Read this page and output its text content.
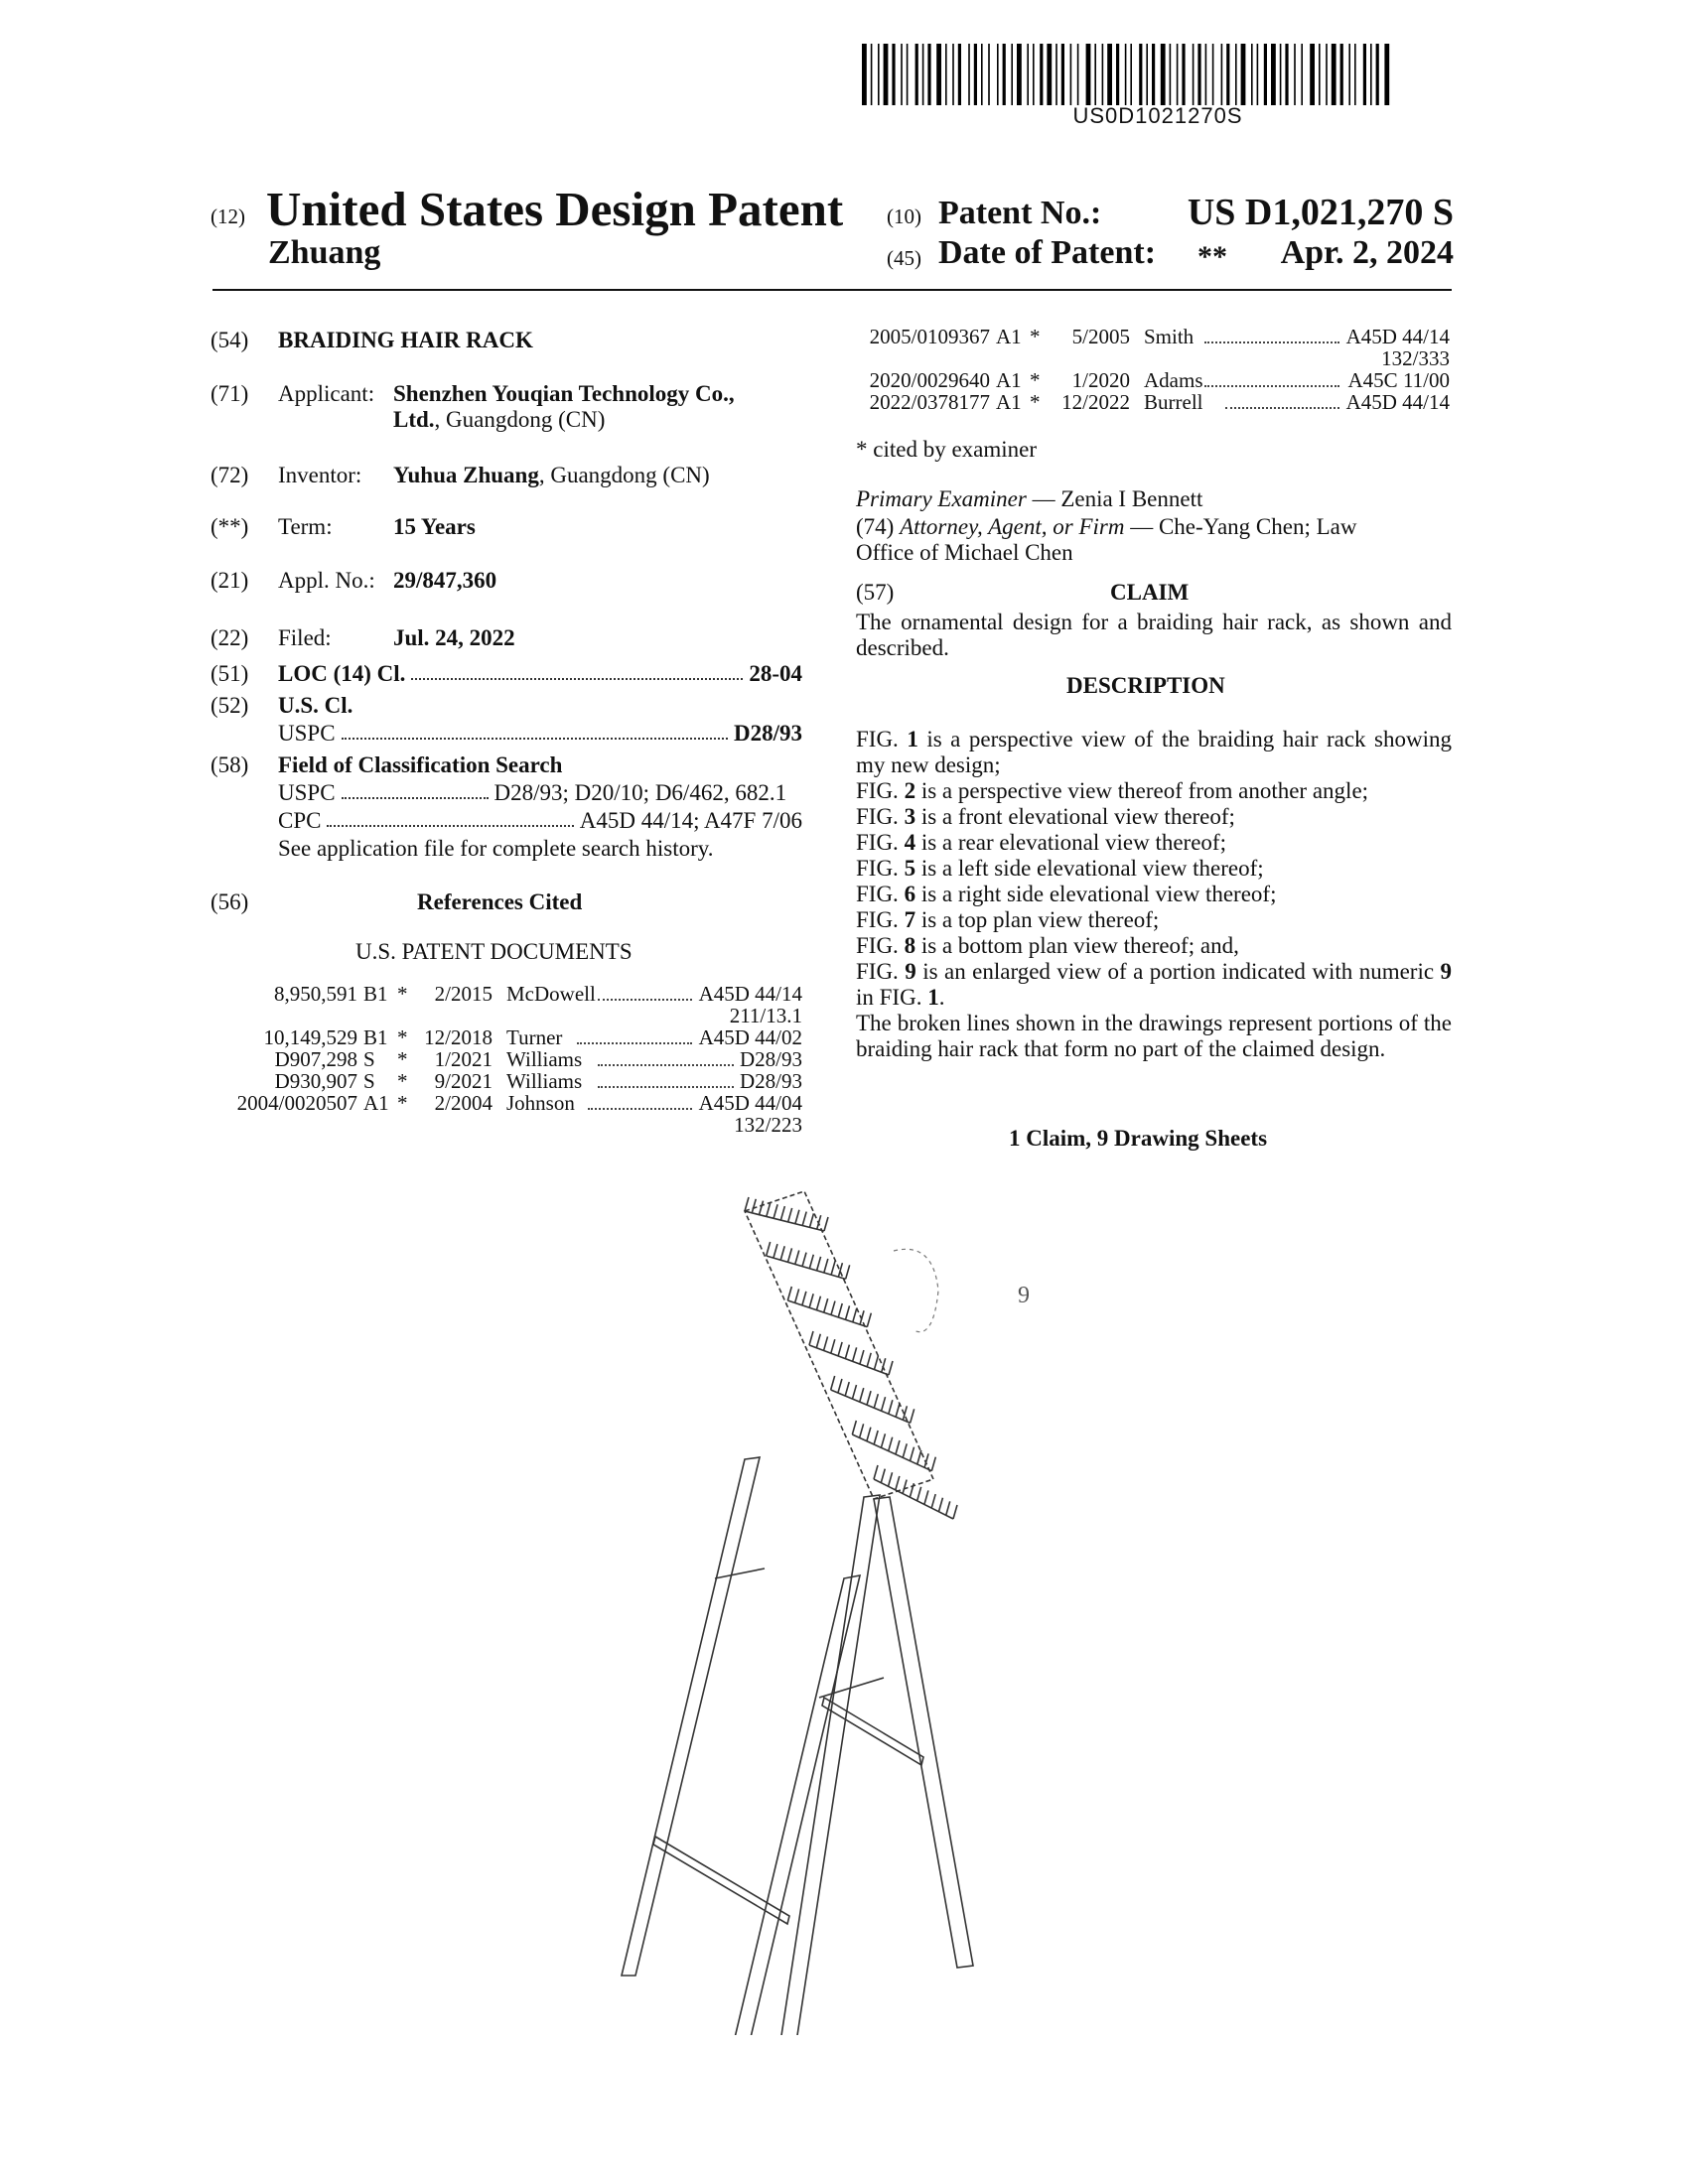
US0D1021270S
(12) United States Design Patent
Zhuang
(10) Patent No.: US D1,021,270 S
(45) Date of Patent: ** Apr. 2, 2024
(54) BRAIDING HAIR RACK
(71) Applicant: Shenzhen Youqian Technology Co.,
Ltd., Guangdong (CN)
(72) Inventor: Yuhua Zhuang, Guangdong (CN)
(**) Term:	15 Years
(21) Appl. No.: 29/847,360
(22) Filed:	Jul. 24, 2022
(51) LOC (14) Cl.	28-04
(52) U.S. Cl.
USPC	D28/93
(58) Field of Classification Search
USPC	D28/93; D20/10; D6/462, 682.1
CPC	A45D 44/14; A47F 7/06
See application file for complete search history.
(56)	References Cited
U.S. PATENT DOCUMENTS
8,950,591 B1 * 2/2015 McDowell	A45D 44/14
211/13.1
10,149,529 B1 * 12/2018 Turner	A45D 44/02
D907,298 S * 1/2021 Williams	D28/93
D930,907 S * 9/2021 Williams	D28/93
2004/0020507 A1 * 2/2004 Johnson	A45D 44/04
132/223
2005/0109367 A1 * 5/2005 Smith	A45D 44/14
132/333
2020/0029640 A1 * 1/2020 Adams	A45C 11/00
2022/0378177 A1 * 12/2022 Burrell	A45D 44/14
* cited by examiner
Primary Examiner — Zenia I Bennett
(74) Attorney, Agent, or Firm — Che-Yang Chen; Law
Office of Michael Chen
(57)	CLAIM
The ornamental design for a braiding hair rack, as shown and described.
DESCRIPTION
FIG. 1 is a perspective view of the braiding hair rack showing my new design;
FIG. 2 is a perspective view thereof from another angle;
FIG. 3 is a front elevational view thereof;
FIG. 4 is a rear elevational view thereof;
FIG. 5 is a left side elevational view thereof;
FIG. 6 is a right side elevational view thereof;
FIG. 7 is a top plan view thereof;
FIG. 8 is a bottom plan view thereof; and,
FIG. 9 is an enlarged view of a portion indicated with numeric 9 in FIG. 1.
The broken lines shown in the drawings represent portions of the braiding hair rack that form no part of the claimed design.
1 Claim, 9 Drawing Sheets
9
